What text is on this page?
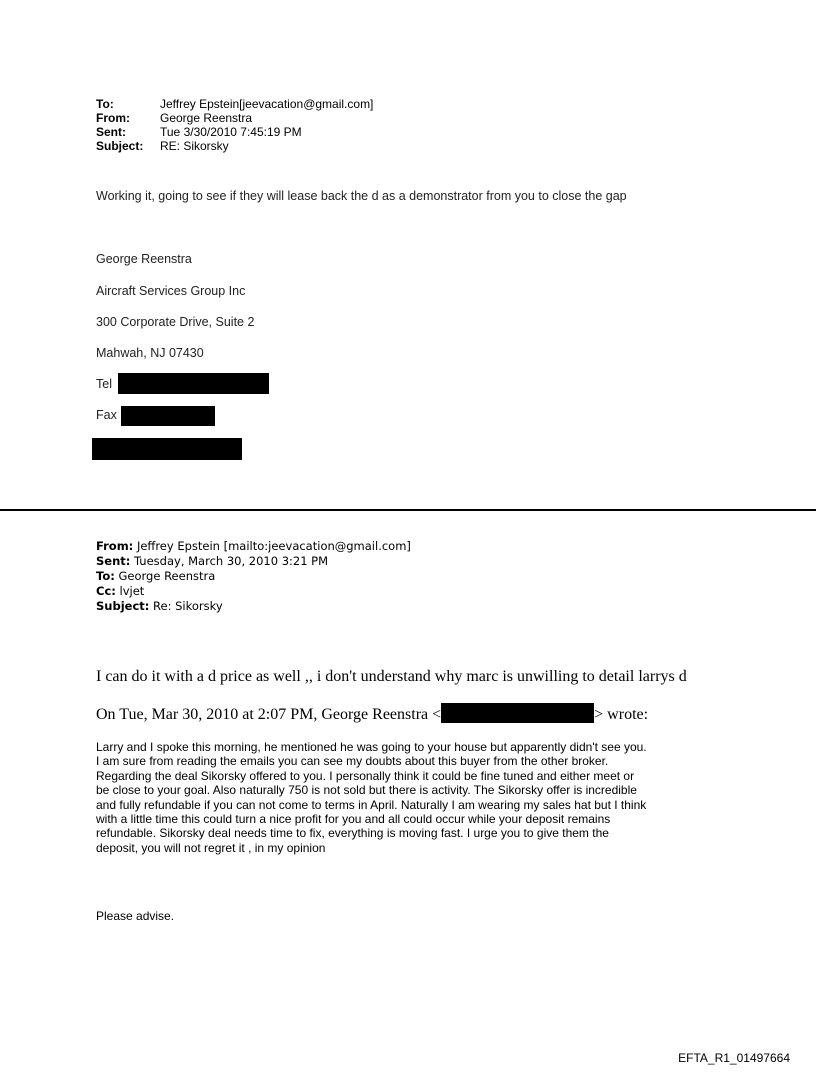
To:	Jeffrey Epstein[jeevacation@gmail.com]
From:	George Reenstra
Sent:	Tue 3/30/2010 7:45:19 PM
Subject: RE: Sikorsky
Working it, going to see if they will lease back the d as a demonstrator from you to close the gap
George Reenstra
Aircraft Services Group Inc
300 Corporate Drive, Suite 2
Mahwah, NJ 07430
Tel
Fax
From: Jeffrey Epstein [mailto:jeevacation@gmail.com]
Sent: Tuesday, March 30, 2010 3:21 PM
To: George Reenstra
Cc: lvjet
Subject: Re: Sikorsky
I can do it with a d price as well ,, i don't understand why marc is unwilling to detail larrys d
On Tue, Mar 30, 2010 at 2:07 PM, George Reenstra <	> wrote:
Larry and I spoke this morning, he mentioned he was going to your house but apparently didn't see you.
I am sure from reading the emails you can see my doubts about this buyer from the other broker.
Regarding the deal Sikorsky offered to you. I personally think it could be fine tuned and either meet or
be close to your goal. Also naturally 750 is not sold but there is activity. The Sikorsky offer is incredible
and fully refundable if you can not come to terms in April. Naturally I am wearing my sales hat but I think
with a little time this could turn a nice profit for you and all could occur while your deposit remains
refundable. Sikorsky deal needs time to fix, everything is moving fast. I urge you to give them the
deposit, you will not regret it , in my opinion
Please advise.
EFTA_R1_01497664
